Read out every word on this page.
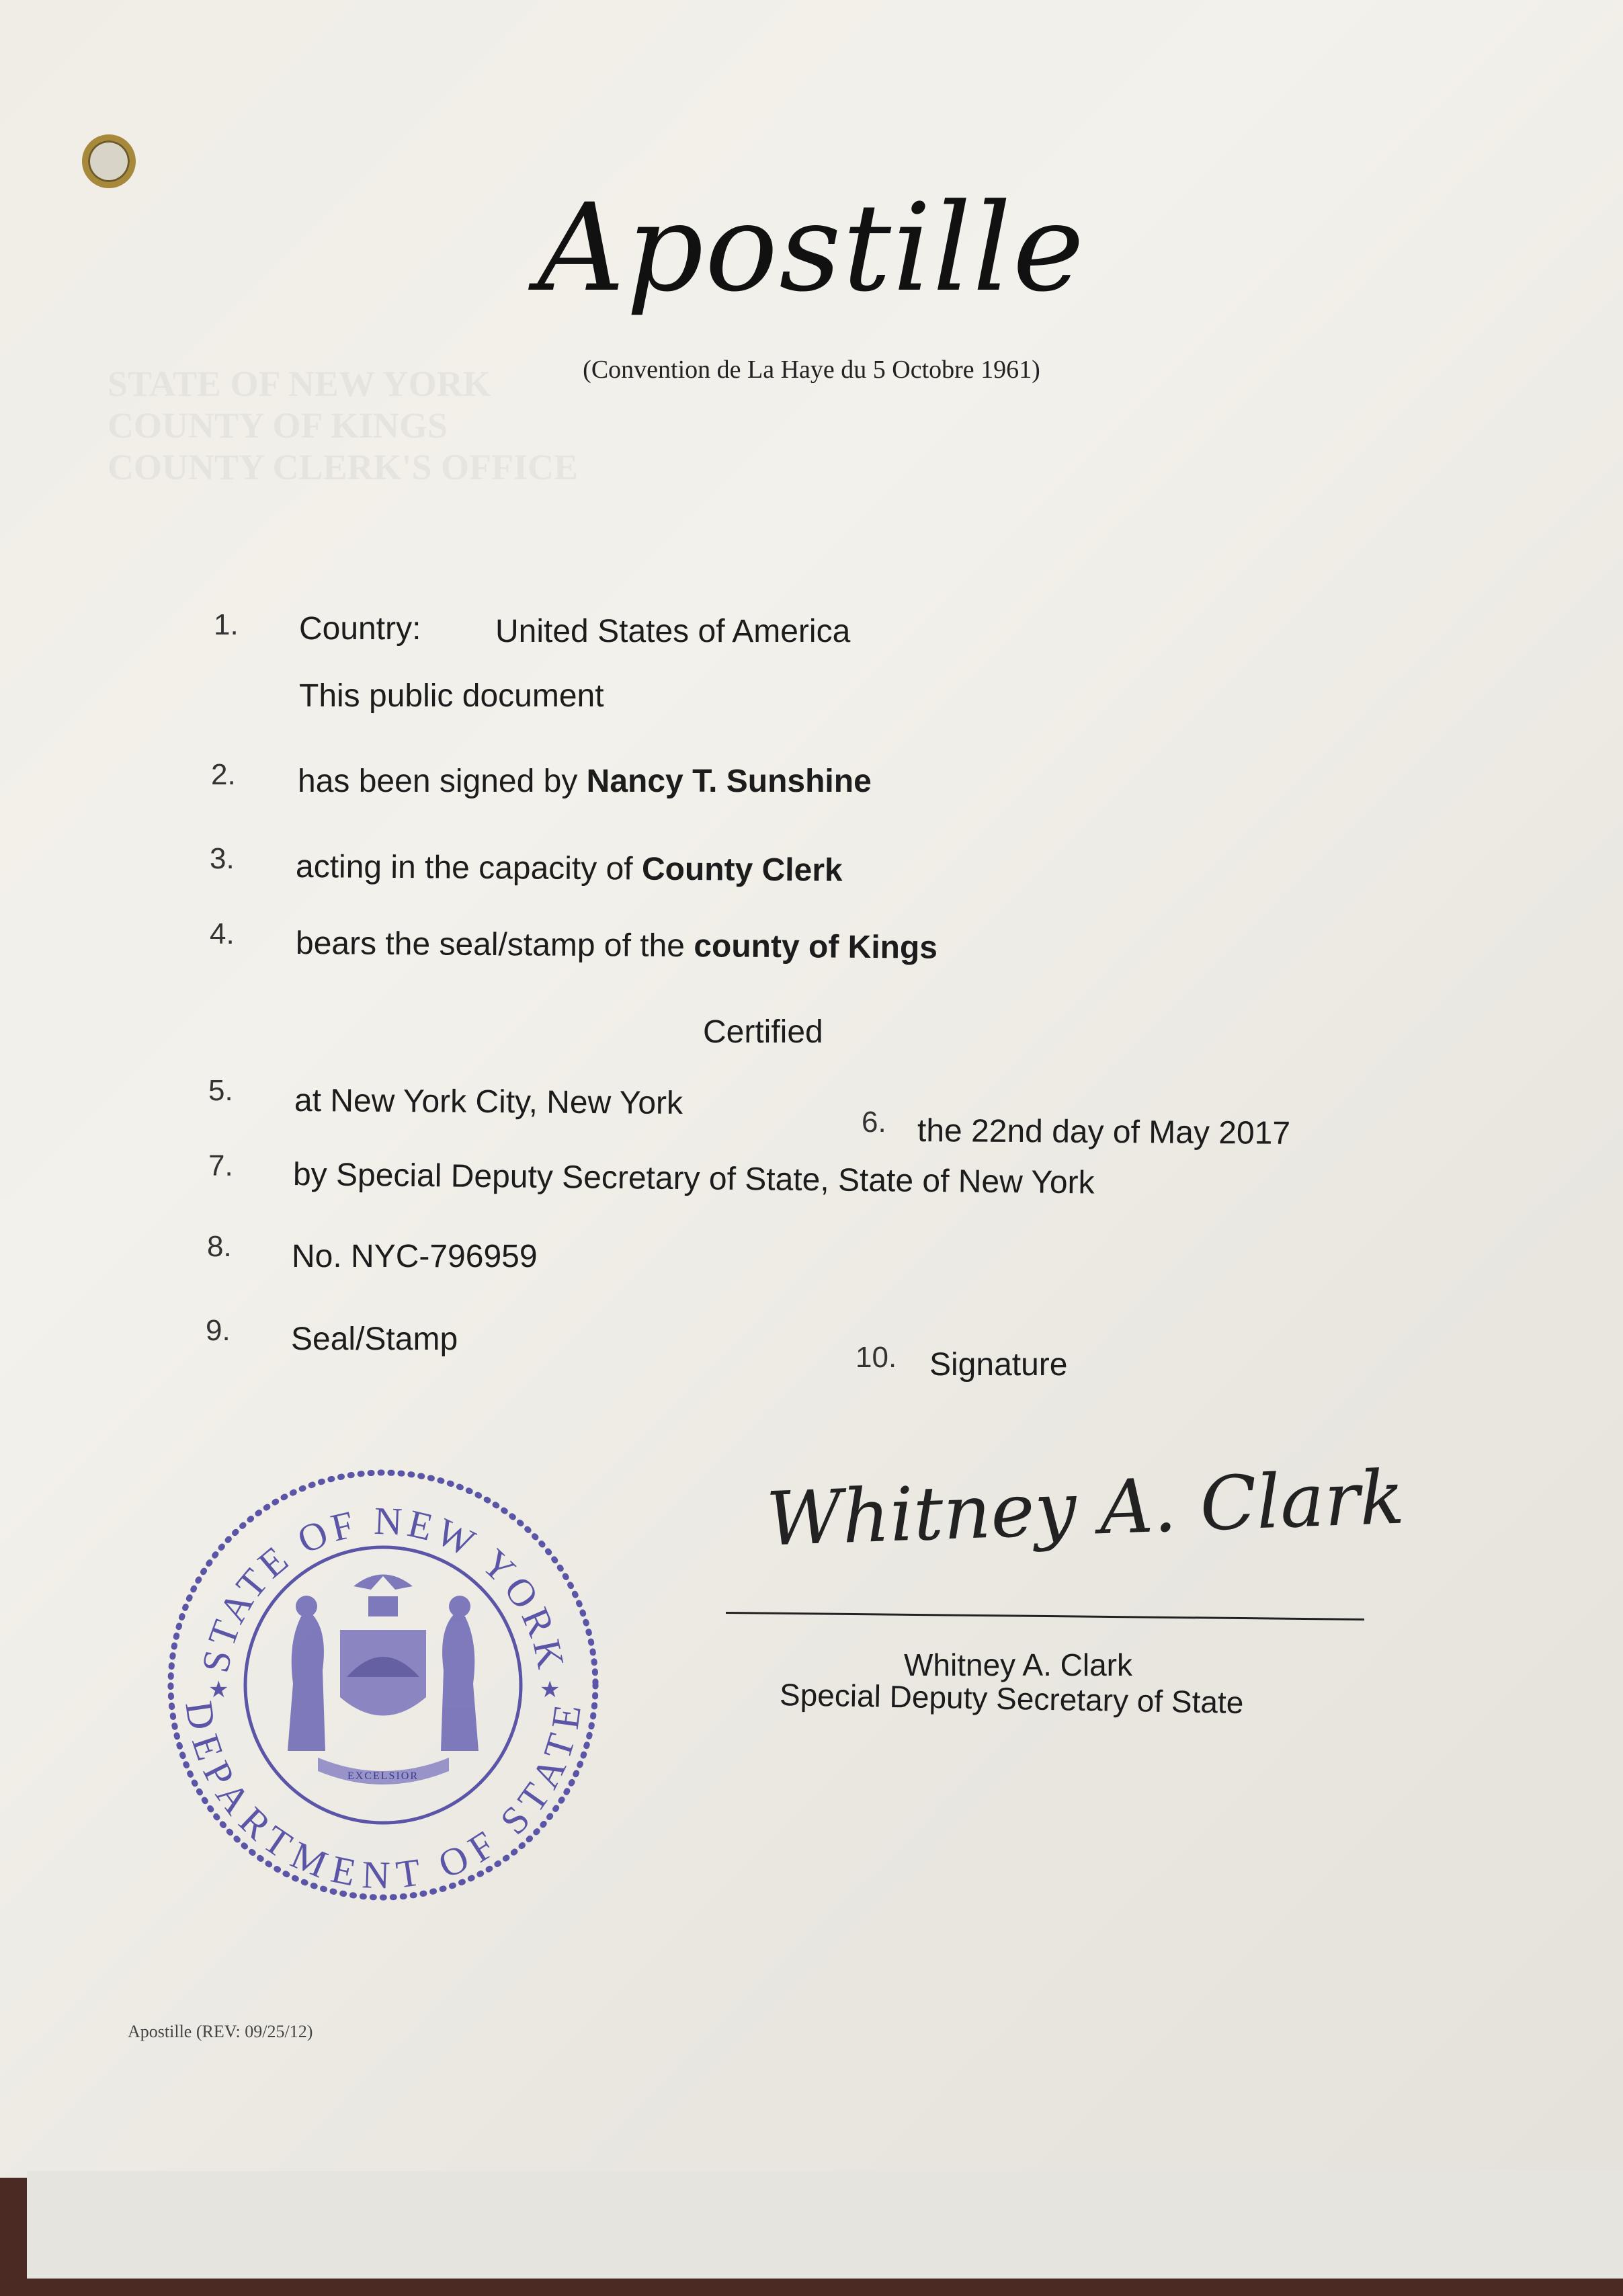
STATE OF NEW YORK
COUNTY OF KINGS
COUNTY CLERK'S OFFICE
Apostille
(Convention de La Haye du 5 Octobre 1961)
1. Country: United States of America
This public document
2. has been signed by Nancy T. Sunshine
3. acting in the capacity of County Clerk
4. bears the seal/stamp of the county of Kings
Certified
5. at New York City, New York
6. the 22nd day of May 2017
7. by Special Deputy Secretary of State, State of New York
8. No. NYC-796959
9. Seal/Stamp
10. Signature
Whitney A. Clark
Whitney A. Clark
Special Deputy Secretary of State
STATE OF NEW YORK
DEPARTMENT OF STATE
★	★
EXCELSIOR
Apostille (REV: 09/25/12)
